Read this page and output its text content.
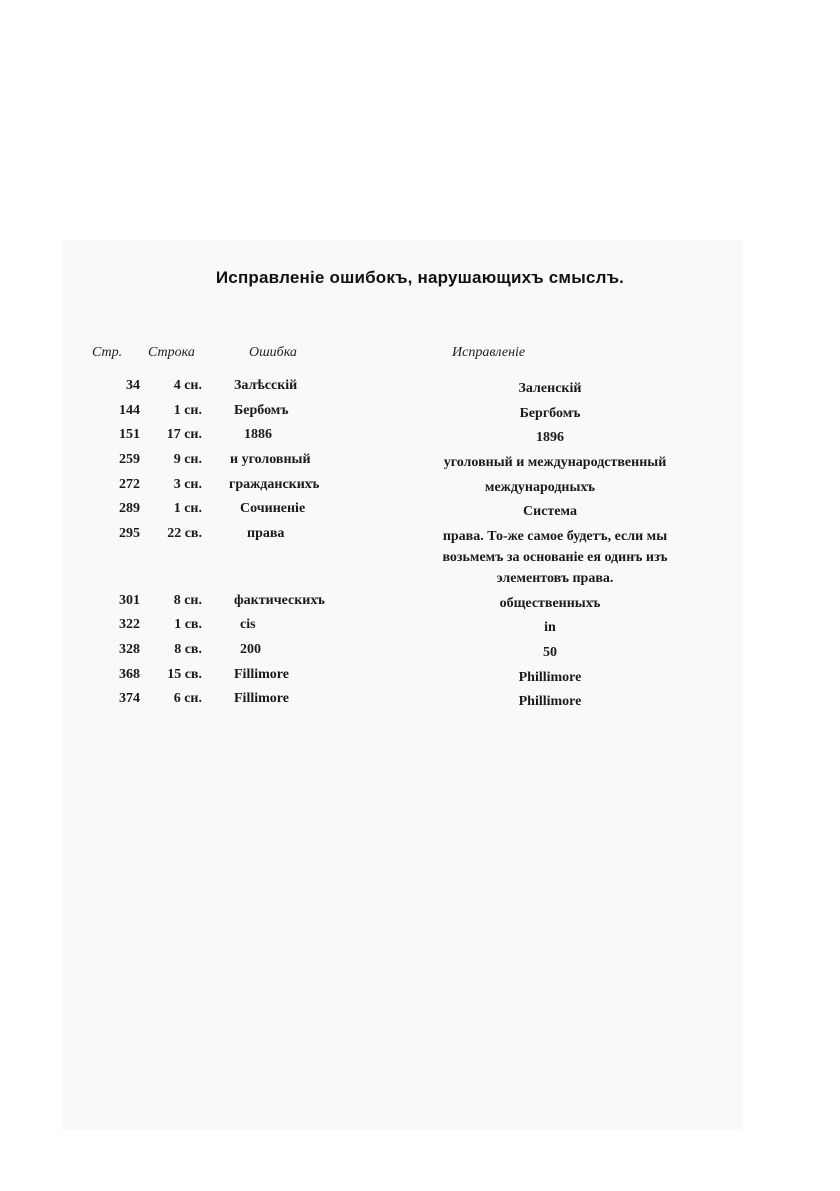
Исправленіе ошибокъ, нарушающихъ смыслъ.
Стр. Строка	Ошибка	Исправленіе
34	4 сн. Залѣсскій	Заленскій
144	1 сн. Бербомъ	Бергбомъ
151	17 сн.	1886	1896
259	9 сн. и уголовный	уголовный и международственный
272	3 сн. гражданскихъ	международныхъ
289	1 сн.	Сочиненіе	Система
295	22 св.	права	права. То-же самое будетъ, если мы
возьмемъ за основаніе ея одинъ изъ
элементовъ права.
301	8 сн. фактическихъ	общественныхъ
322	1 св.	cis	in
328	8 св.	200	50
368	15 св. Fillimore	Phillimore
374	6 сн. Fillimore	Phillimore
